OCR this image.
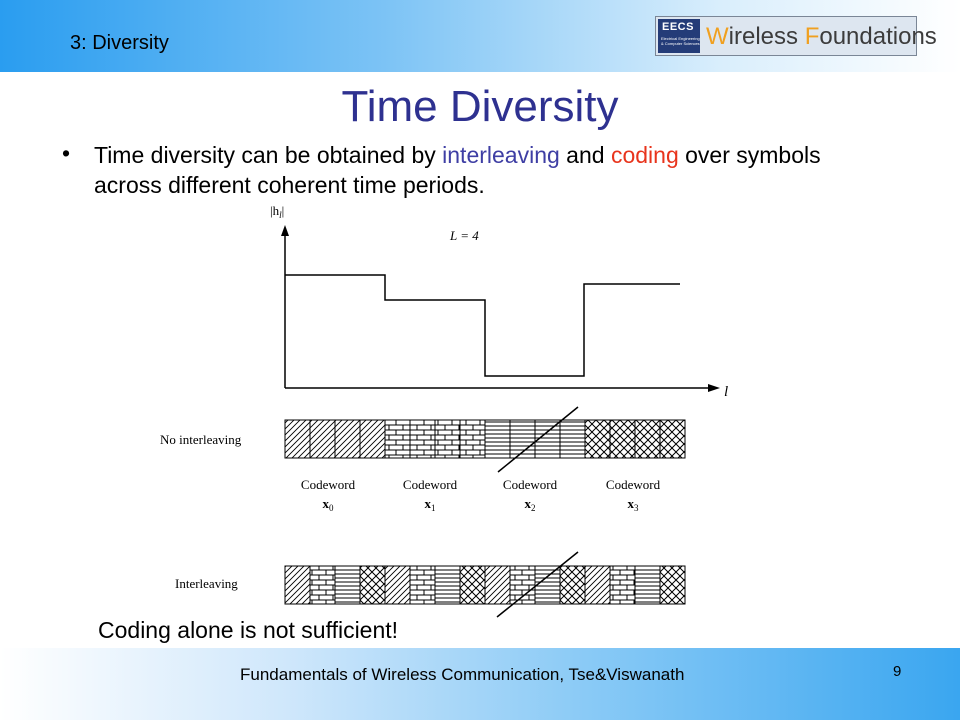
3: Diversity
EECS
Electrical Engineering
& Computer Sciences Wireless Foundations
Time Diversity
• Time diversity can be obtained by interleaving and coding over symbols across different coherent time periods.
$|h_l|$
l
L = 4
No interleaving
Codeword
$x_0$
Codeword
$x_1$
Codeword
$x_2$
Codeword
$x_3$
Interleaving
Coding alone is not sufficient!
Fundamentals of Wireless Communication, Tse&Viswanath	9
